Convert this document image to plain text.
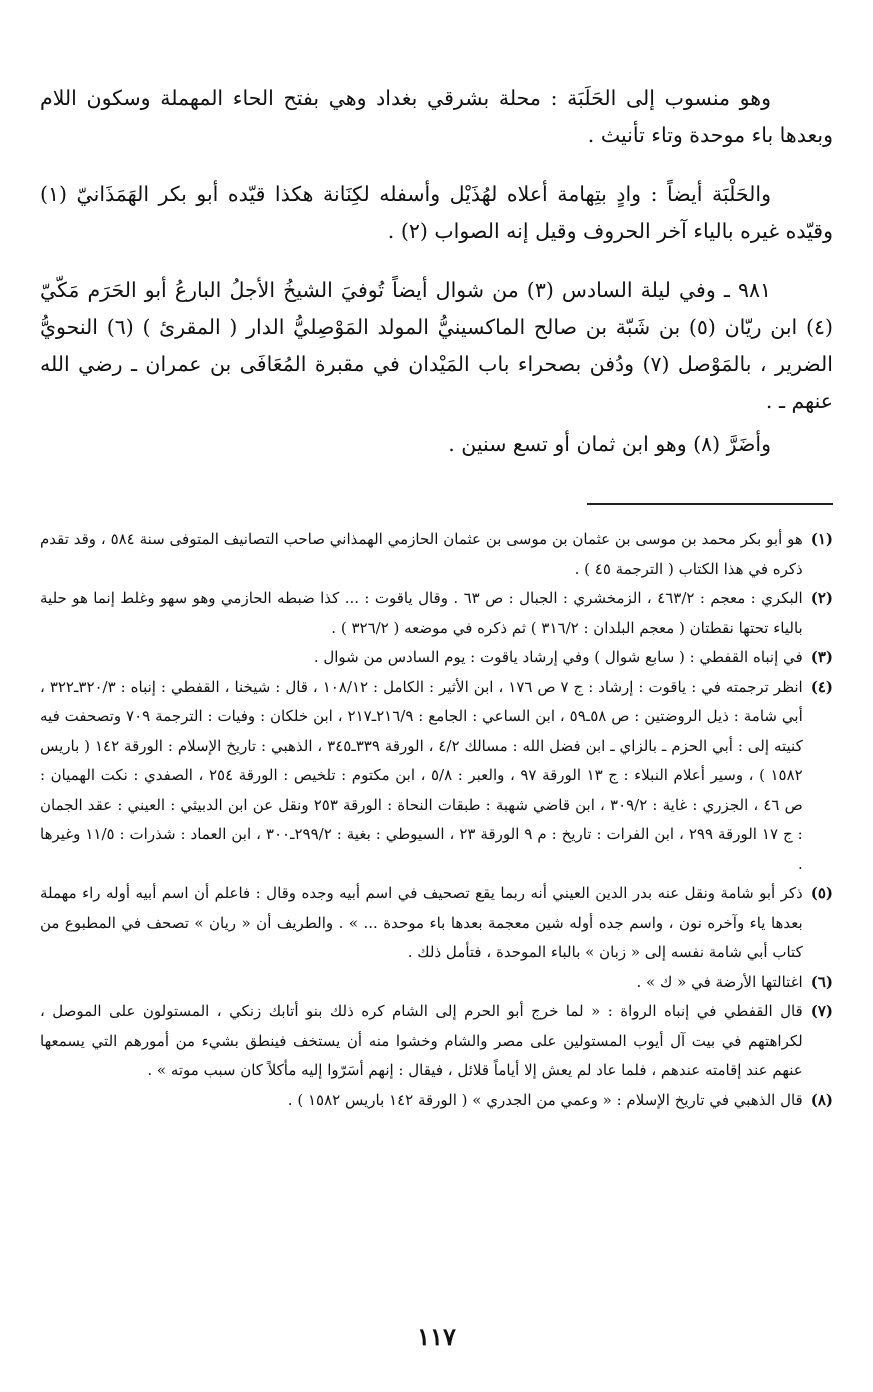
وهو منسوب إلى الحَلَبَة : محلة بشرقي بغداد وهي بفتح الحاء المهملة وسكون اللام وبعدها باء موحدة وتاء تأنيث .

والحَلْبَة أيضاً : وادٍ بتِهامة أعلاه لهُذَيْل وأسفله لكِنَانة هكذا قيّده أبو بكر الهَمَذَانيّ (١) وقيّده غيره بالياء آخر الحروف وقيل إنه الصواب (٢) .

٩٨١ ـ وفي ليلة السادس (٣) من شوال أيضاً تُوفيَ الشيخُ الأجلُ البارعُ أبو الحَرَم مَكّيّ (٤) ابن ريّان (٥) بن شَبّة بن صالح الماكسينيُّ المولد المَوْصِليُّ الدار ( المقرئ ) (٦) النحويُّ الضرير ، بالمَوْصل (٧) ودُفن بصحراء باب المَيْدان في مقبرة المُعَافَى بن عمران ـ رضي الله عنهم ـ .

وأضَرَّ (٨) وهو ابن ثمان أو تسع سنين .

(١)
هو أبو بكر محمد بن موسى بن عثمان بن موسى بن عثمان الحازمي الهمذاني صاحب التصانيف المتوفى سنة ٥٨٤ ، وقد تقدم ذكره في هذا الكتاب ( الترجمة ٤٥ ) .
(٢)
البكري : معجم : ٤٦٣/٢ ، الزمخشري : الجبال : ص ٦٣ . وقال ياقوت : ... كذا ضبطه الحازمي وهو سهو وغلط إنما هو حلية بالياء تحتها نقطتان ( معجم البلدان : ٣١٦/٢ ) ثم ذكره في موضعه ( ٣٢٦/٢ ) .
(٣)
في إنباه القفطي : ( سابع شوال ) وفي إرشاد ياقوت : يوم السادس من شوال .
(٤)
انظر ترجمته في : ياقوت : إرشاد : ج ٧ ص ١٧٦ ، ابن الأثير : الكامل : ١٠٨/١٢ ، قال : شيخنا ، القفطي : إنباه : ٣٢٠/٣ـ٣٢٢ ، أبي شامة : ذيل الروضتين : ص ٥٨ـ٥٩ ، ابن الساعي : الجامع : ٢١٦/٩ـ٢١٧ ، ابن خلكان : وفيات : الترجمة ٧٠٩ وتصحفت فيه كنيته إلى : أبي الحزم ـ بالزاي ـ ابن فضل الله : مسالك ٤/٢ ، الورقة ٣٣٩ـ٣٤٥ ، الذهبي : تاريخ الإسلام : الورقة ١٤٢ ( باريس ١٥٨٢ ) ، وسير أعلام النبلاء : ج ١٣ الورقة ٩٧ ، والعبر : ٥/٨ ، ابن مكتوم : تلخيص : الورقة ٢٥٤ ، الصفدي : نكت الهميان : ص ٤٦ ، الجزري : غاية : ٣٠٩/٢ ، ابن قاضي شهبة : طبقات النحاة : الورقة ٢٥٣ ونقل عن ابن الدبيثي : العيني : عقد الجمان : ج ١٧ الورقة ٢٩٩ ، ابن الفرات : تاريخ : م ٩ الورقة ٢٣ ، السيوطي : بغية : ٢٩٩/٢ـ٣٠٠ ، ابن العماد : شذرات : ١١/٥ وغيرها .
(٥)
ذكر أبو شامة ونقل عنه بدر الدين العيني أنه ربما يقع تصحيف في اسم أبيه وجده وقال : فاعلم أن اسم أبيه أوله راء مهملة بعدها ياء وآخره نون ، واسم جده أوله شين معجمة بعدها باء موحدة ... » . والطريف أن « ريان » تصحف في المطبوع من كتاب أبي شامة نفسه إلى « زبان » بالباء الموحدة ، فتأمل ذلك .
(٦)
اغتالتها الأرضة في « ك » .
(٧)
قال القفطي في إنباه الرواة : « لما خرج أبو الحرم إلى الشام كره ذلك بنو أتابك زنكي ، المستولون على الموصل ، لكراهتهم في بيت آل أيوب المستولين على مصر والشام وخشوا منه أن يستخف فينطق بشيء من أمورهم التي يسمعها عنهم عند إقامته عندهم ، فلما عاد لم يعش إلا أياماً قلائل ، فيقال : إنهم أسَرّوا إليه مأكلاً كان سبب موته » .
(٨)
قال الذهبي في تاريخ الإسلام : « وعمي من الجدري » ( الورقة ١٤٢ باريس ١٥٨٢ ) .
١١٧
